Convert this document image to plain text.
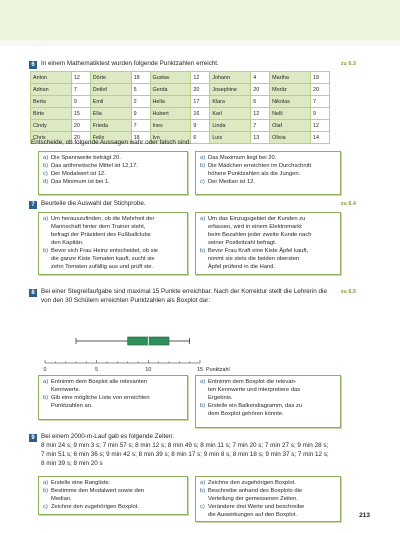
6	In einem Mathematiktest wurden folgende Punktzahlen erreicht.	zu 6.3
Anton	12	Dörte	18	Gustav	12	Johann	4	Martha	19
Adrian	7	Detlef	5	Gerda	20	Josephine	20	Moritz	20
Berta	9	Emil	2	Hella	17	Klara	6	Nikolas	7
Birte	15	Ella	9	Hubert	16	Karl	12	Nelli	9
Cindy	20	Frieda	7	Ines	9	Linda	7	Olaf	12
Chris	20	Felix	18	Ivo	6	Luis	13	Olivia	14
Entscheide, ob folgende Aussagen wahr oder falsch sind.
a) Die Spannweite beträgt 20.
b) Das arithmetische Mittel ist 12,17.
c) Der Modalwert ist 12.
d) Das Minimum ist bei 1.
a) Das Maximum liegt bei 20.
b) Die Mädchen erreichten im Durchschnitt
höhere Punktzahlen als die Jungen.
c) Der Median ist 12.
7	Beurteile die Auswahl der Stichprobe.	zu 6.4
a) Um herauszufinden, ob die Mehrheit der
Mannschaft hinter dem Trainer steht,
befragt der Präsident des Fußballclubs
den Kapitän.
b) Bevor sich Frau Heinz entscheidet, ob sie
die ganze Kiste Tomaten kauft, sucht sie
zehn Tomaten zufällig aus und prüft sie.
a) Um das Einzugsgebiet der Kunden zu
erfassen, wird in einem Elektromarkt
beim Bezahlen jeder zweite Kunde nach
seiner Postleitzahl befragt.
b) Bevor Frau Kraft eine Kiste Äpfel kauft,
nimmt sie stets die beiden obersten
Äpfel prüfend in die Hand.
8	Bei einer Stegreifaufgabe sind maximal 15 Punkte erreichbar. Nach der Korrektur stellt die Lehrerin die
von den 30 Schülern erreichten Punktzahlen als Boxplot dar:
zu 6.5
0	5	10	15 Punktzahl
a) Entnimm dem Boxplot alle relevanten
Kennwerte.
b) Gib eine mögliche Liste von erreichten
Punktzahlen an.
a) Entnimm dem Boxplot die relevan-
ten Kennwerte und interpretiere das
Ergebnis.
b) Erstelle ein Balkendiagramm, das zu
dem Boxplot gehören könnte.
9	Bei einem 2000-m-Lauf gab es folgende Zeiten:
8 min 24 s; 9 min 3 s; 7 min 57 s; 8 min 12 s; 8 min 49 s; 8 min 11 s; 7 min 20 s; 7 min 27 s; 9 min 28 s;
7 min 51 s; 6 min 36 s; 9 min 42 s; 8 min 39 s; 8 min 17 s; 9 min 8 s; 8 min 18 s; 9 min 37 s; 7 min 12 s;
8 min 39 s; 8 min 20 s
a) Erstelle eine Rangliste.
b) Bestimme den Modalwert sowie den
Median.
c) Zeichne den zugehörigen Boxplot.
a) Zeichne den zugehörigen Boxplot.
b) Beschreibe anhand des Boxplots die
Verteilung der gemessenen Zeiten.
c) Verändere drei Werte und beschreibe
die Auswirkungen auf den Boxplot.	213
